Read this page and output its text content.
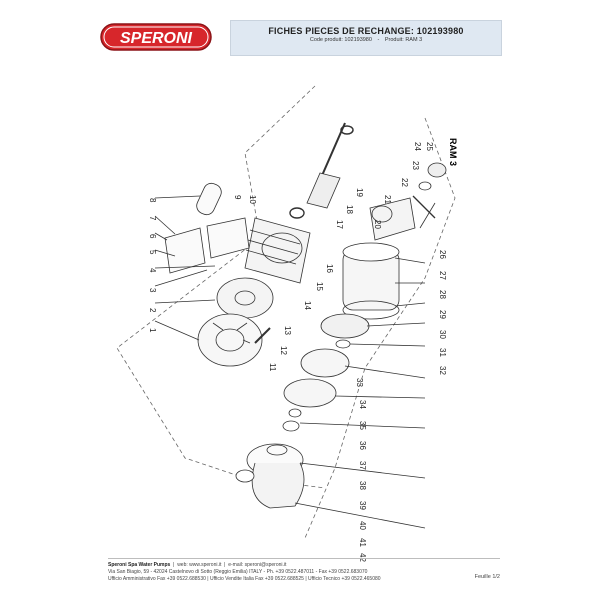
SPERONI	FICHES PIECES DE RECHANGE: 102193980
Code produit: 102193980 - Produit: RAM 3
RAM 3
1
2
3
4
5
6
7
8
9 10
11
12
13
14
15
16
17
18
19
20
21
22
23
24 25
26
27
28
29
30
31
32
33
34
35
36
37
38
39
40
41
Speroni Spa Water Pumps  |  web: www.speroni.it  |  e-mail: speroni@speroni.it
Via San Biagio, 59 - 42024 Castelnovo di Sotto (Reggio Emilia) ITALY - Ph. +39 0522.487011 - Fax +39 0522.683070
Ufficio Amministrativo Fax +39 0522.688530 | Ufficio Vendite Italia Fax +39 0522.688525 | Ufficio Tecnico +39 0522.465080	Feuille 1/2
